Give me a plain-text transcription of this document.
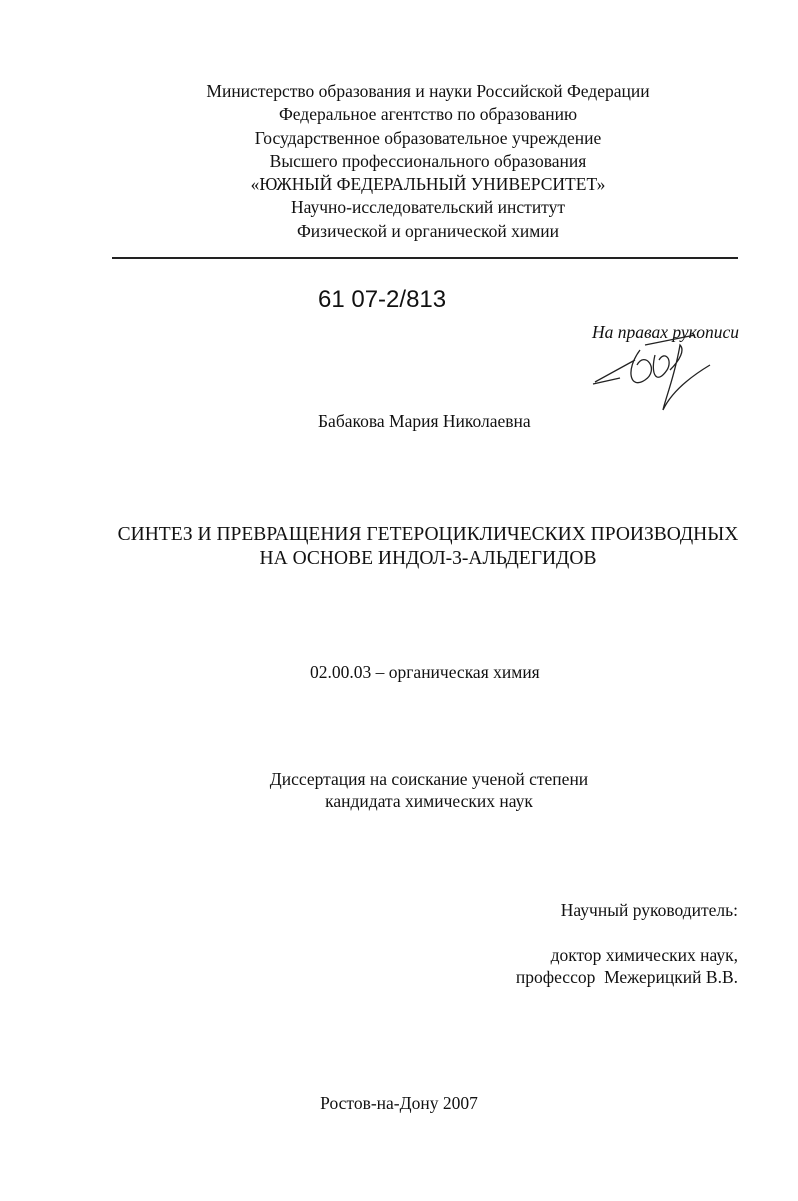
Министерство образования и науки Российской Федерации
Федеральное агентство по образованию
Государственное образовательное учреждение
Высшего профессионального образования
«ЮЖНЫЙ ФЕДЕРАЛЬНЫЙ УНИВЕРСИТЕТ»
Научно-исследовательский институт
Физической и органической химии
61 07-2/813
На правах рукописи
Бабакова Мария Николаевна
СИНТЕЗ И ПРЕВРАЩЕНИЯ ГЕТЕРОЦИКЛИЧЕСКИХ ПРОИЗВОДНЫХ
НА ОСНОВЕ ИНДОЛ-3-АЛЬДЕГИДОВ
02.00.03 – органическая химия
Диссертация на соискание ученой степени
кандидата химических наук
Научный руководитель:
доктор химических наук,
профессор  Межерицкий В.В.
Ростов-на-Дону 2007
